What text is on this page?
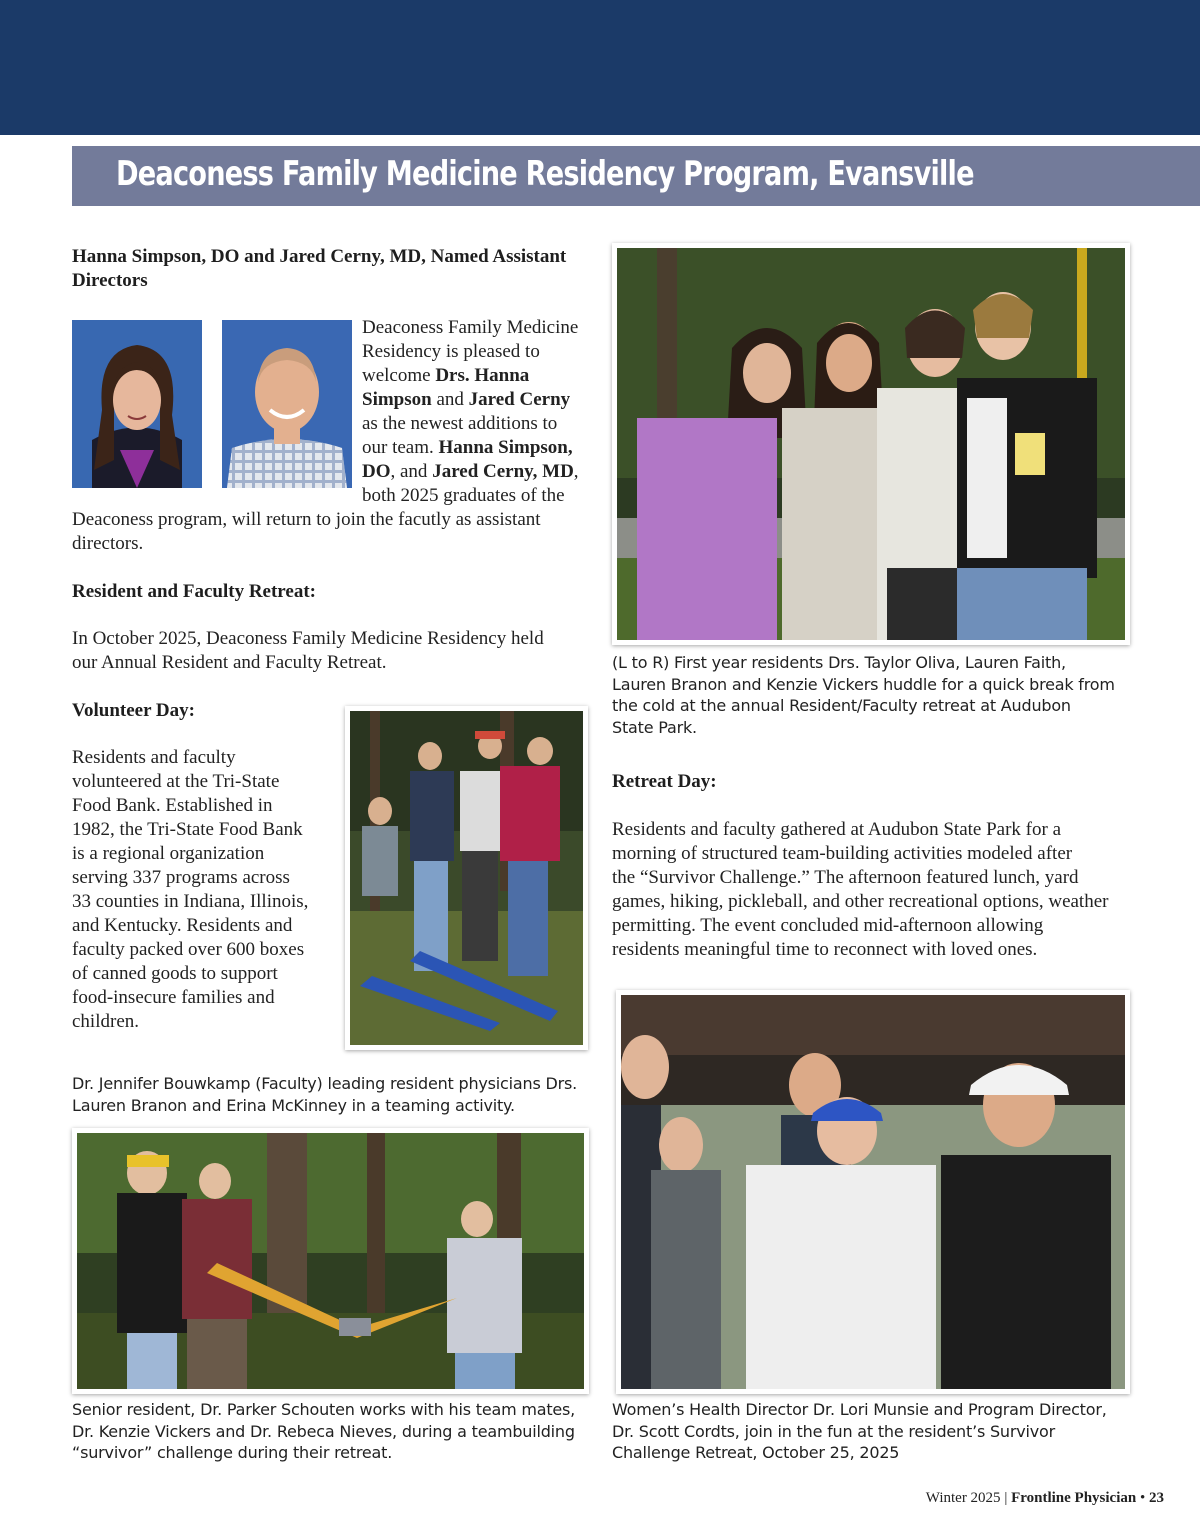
Deaconess Family Medicine Residency Program, Evansville
Hanna Simpson, DO and Jared Cerny, MD, Named Assistant Directors
Deaconess Family Medicine
Residency is pleased to
welcome Drs. Hanna
Simpson and Jared Cerny
as the newest additions to
our team. Hanna Simpson,
DO, and Jared Cerny, MD,
both 2025 graduates of the
Deaconess program, will return to join the facutly as assistant
directors.
Resident and Faculty Retreat:
In October 2025, Deaconess Family Medicine Residency held
our Annual Resident and Faculty Retreat.
Volunteer Day:
Residents and faculty
volunteered at the Tri-State
Food Bank. Established in
1982, the Tri-State Food Bank
is a regional organization
serving 337 programs across
33 counties in Indiana, Illinois,
and Kentucky. Residents and
faculty packed over 600 boxes
of canned goods to support
food-insecure families and
children.
Dr. Jennifer Bouwkamp (Faculty) leading resident physicians Drs.
Lauren Branon and Erina McKinney in a teaming activity.
Senior resident, Dr. Parker Schouten works with his team mates,
Dr. Kenzie Vickers and Dr. Rebeca Nieves, during a teambuilding
“survivor” challenge during their retreat.
(L to R) First year residents Drs. Taylor Oliva, Lauren Faith,
Lauren Branon and Kenzie Vickers huddle for a quick break from
the cold at the annual Resident/Faculty retreat at Audubon
State Park.
Retreat Day:
Residents and faculty gathered at Audubon State Park for a
morning of structured team-building activities modeled after
the “Survivor Challenge.” The afternoon featured lunch, yard
games, hiking, pickleball, and other recreational options, weather
permitting. The event concluded mid-afternoon allowing
residents meaningful time to reconnect with loved ones.
Women’s Health Director Dr. Lori Munsie and Program Director,
Dr. Scott Cordts, join in the fun at the resident’s Survivor
Challenge Retreat, October 25, 2025
Winter 2025 | Frontline Physician • 23
